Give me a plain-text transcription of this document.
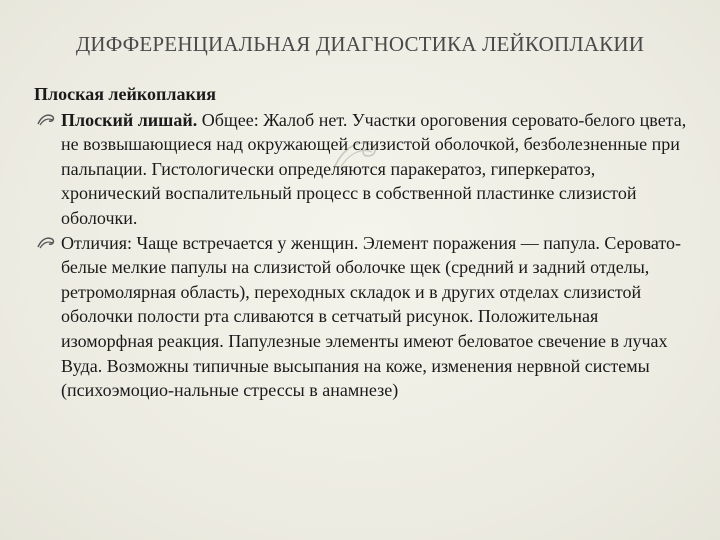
ДИФФЕРЕНЦИАЛЬНАЯ ДИАГНОСТИКА ЛЕЙКОПЛАКИИ
Плоская лейкоплакия

Плоский лишай. Общее: Жалоб нет. Участки ороговения серовато-белого цвета, не возвышающиеся над окружающей слизистой оболочкой, безболезненные при пальпации. Гистологически определяются паракератоз, гиперкератоз, хронический воспалительный процесс в собственной пластинке слизистой оболочки.

Отличия: Чаще встречается у женщин. Элемент поражения — папула. Серовато-белые мелкие папулы на слизистой оболочке щек (средний и задний отделы, ретромолярная область), переходных складок и в других отделах слизистой оболочки полости рта сливаются в сетчатый рисунок. Положительная изоморфная реакция. Папулезные элементы имеют беловатое свечение в лучах Вуда. Возможны типичные высыпания на коже, изменения нервной системы (психоэмоцио-нальные стрессы в анамнезе)
